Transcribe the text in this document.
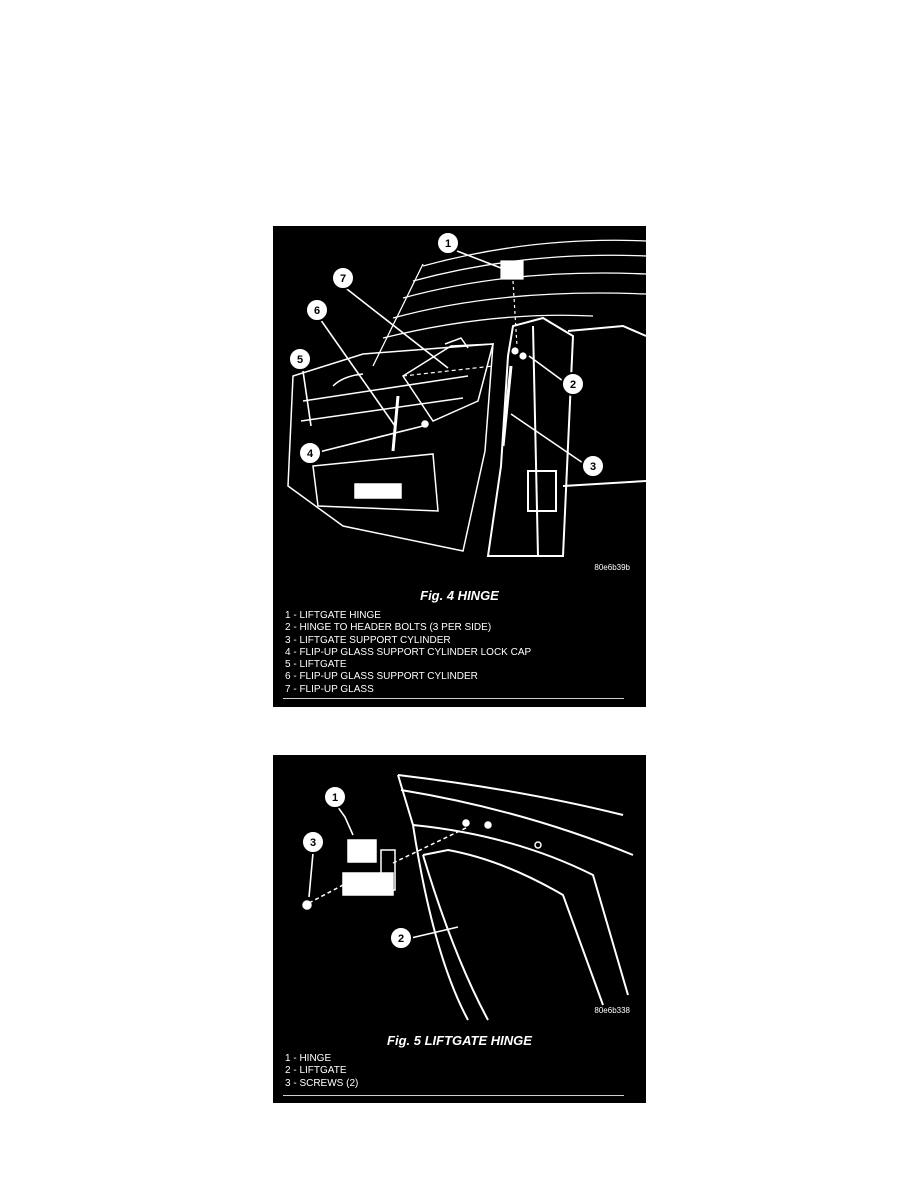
1
2
3
4
5
6
7
80e6b39b
Fig. 4 HINGE
1 - LIFTGATE HINGE
2 - HINGE TO HEADER BOLTS (3 PER SIDE)
3 - LIFTGATE SUPPORT CYLINDER
4 - FLIP-UP GLASS SUPPORT CYLINDER LOCK CAP
5 - LIFTGATE
6 - FLIP-UP GLASS SUPPORT CYLINDER
7 - FLIP-UP GLASS
1
2
3
80e6b338
Fig. 5 LIFTGATE HINGE
1 - HINGE
2 - LIFTGATE
3 - SCREWS (2)
